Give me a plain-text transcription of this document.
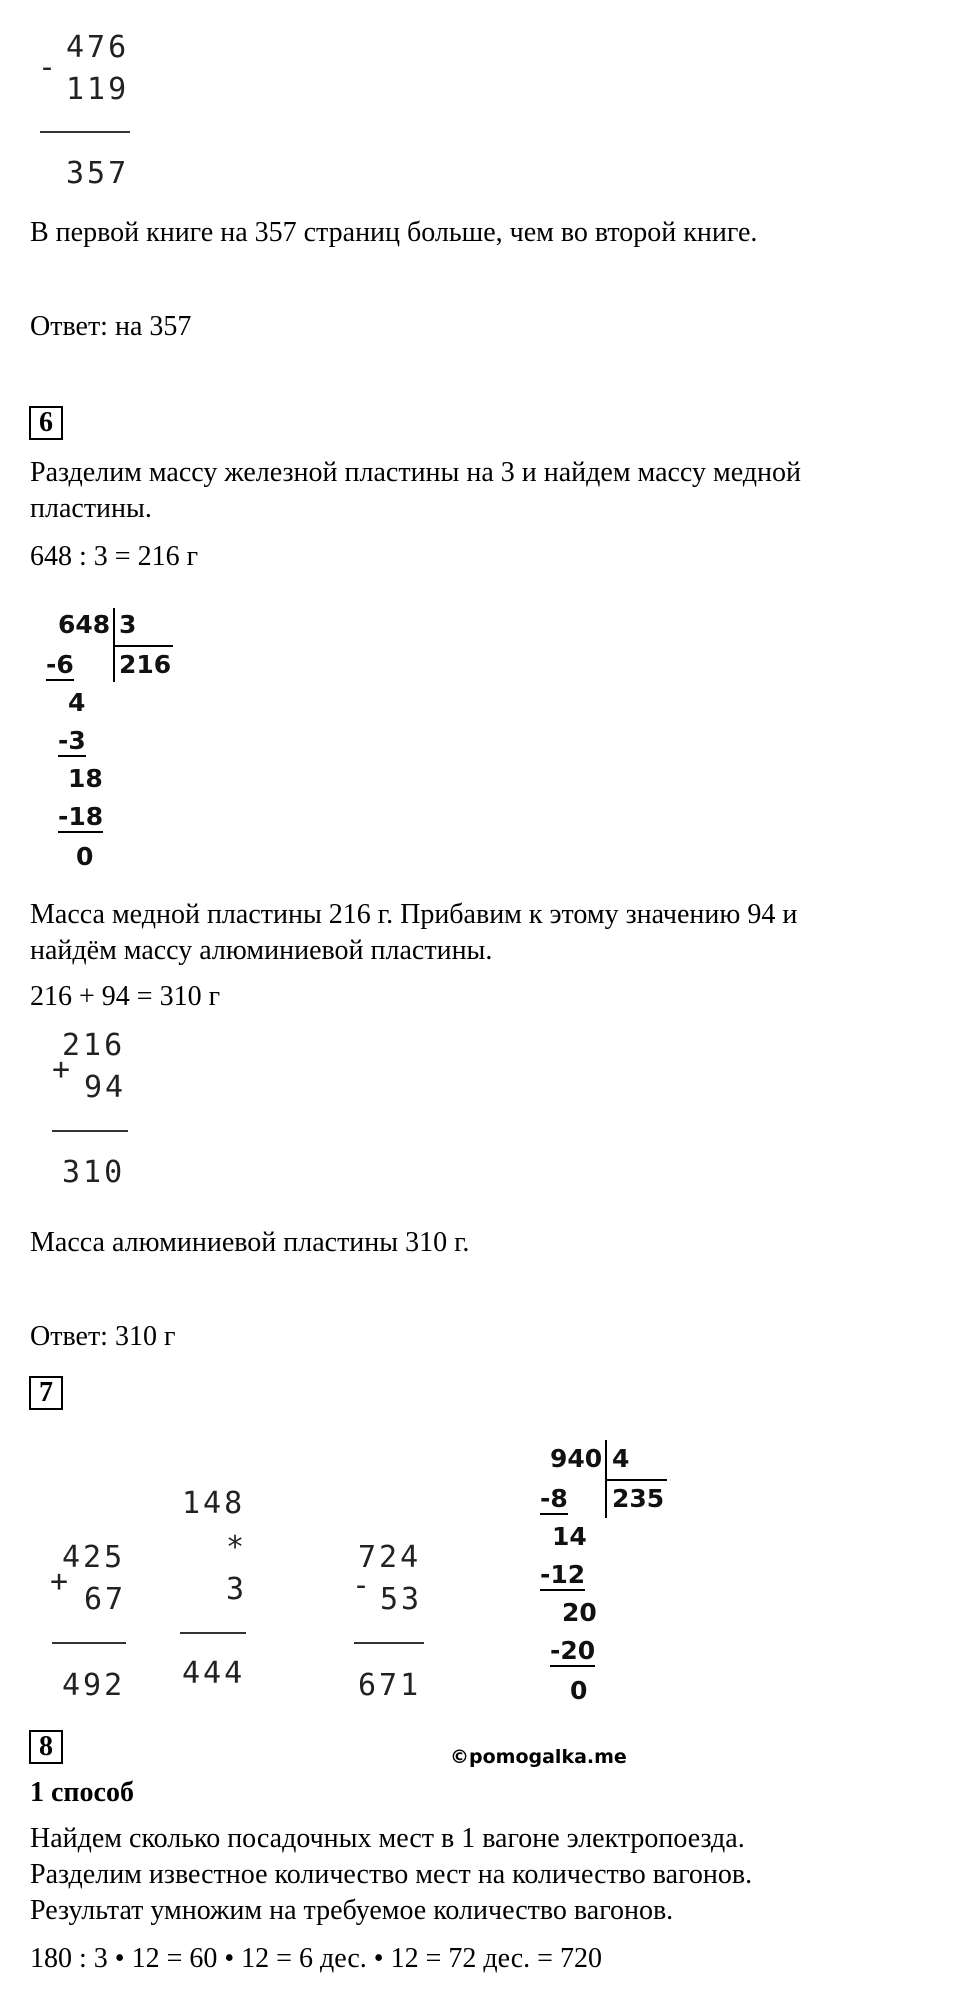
-
476
119
357
В первой книге на 357 страниц больше, чем во второй книге.
Ответ: на 357
6
Разделим массу железной пластины на 3 и найдем массу медной
пластины.
648 : 3 = 216 г
648 3
216
-6
4
-3
18
-18
0
Масса медной пластины 216 г. Прибавим к этому значению 94 и
найдём массу алюминиевой пластины.
216 + 94 = 310 г
216
+
94
310
Масса алюминиевой пластины 310 г.
Ответ: 310 г
7
425
+
67
492
148
*
3
444
724
- 53
671
940 4
235
-8
14
-12
20
-20
0
8	©pomogalka.me
1 способ
Найдем сколько посадочных мест в 1 вагоне электропоезда.
Разделим известное количество мест на количество вагонов.
Результат умножим на требуемое количество вагонов.
180 : 3 • 12 = 60 • 12 = 6 дес. • 12 = 72 дес. = 720
